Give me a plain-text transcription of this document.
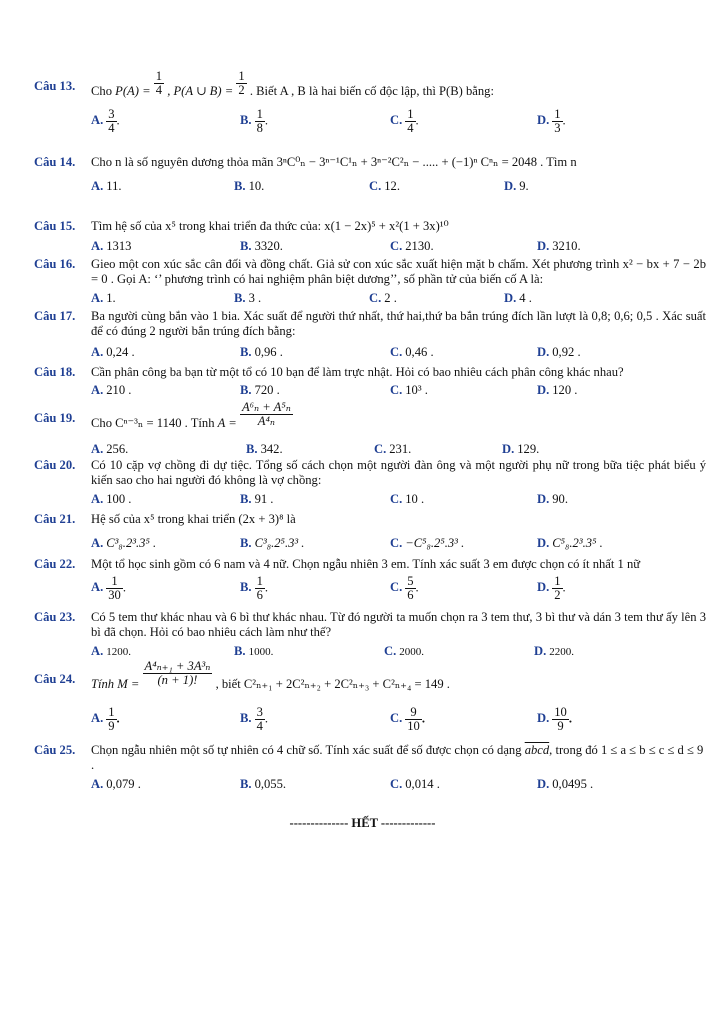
Câu 13.	Cho $P(A) = \frac{1}{4}$ , P(A ∪ $B) = \frac{1}{2}$ . Biết A , B là hai biến cố độc lập, thì P(B) bằng:
A. $\frac{3}{4}$ .	B. $\frac{1}{8}$ .	C. $\frac{1}{4}$ .	D. $\frac{1}{3}$ .
Câu 14.	Cho n là số nguyên dương thỏa mãn 3ⁿC⁰ₙ − 3ⁿ⁻¹C¹ₙ + 3ⁿ⁻²C²ₙ − ..... + (−1)ⁿ Cⁿₙ = 2048 . Tìm n
A. 11.	B. 10.	C. 12.	D. 9.
Câu 15.	Tìm hệ số của x⁵ trong khai triển đa thức của: x(1 − 2x)⁵ + x²(1 + 3x)¹⁰
A. 1313	B. 3320.	C. 2130.	D. 3210.
Câu 16.	Gieo một con xúc sắc cân đối và đồng chất. Giả sử con xúc sắc xuất hiện mặt b chấm. Xét phương trình x² − bx + 7 − 2b = 0 . Gọi A: ‘’ phương trình có hai nghiệm phân biệt dương’’, số phần tử của biến cố A là:
A. 1.	B. 3 .	C. 2 .	D. 4 .
Câu 17.	Ba người cùng bắn vào 1 bia. Xác suất để người thứ nhất, thứ hai,thứ ba bắn trúng đích lần lượt là 0,8; 0,6; 0,5 . Xác suất để có đúng 2 người bắn trúng đích bằng:
A. 0,24 .	B. 0,96 .	C. 0,46 .	D. 0,92 .
Câu 18.	Cần phân công ba bạn từ một tổ có 10 bạn để làm trực nhật. Hỏi có bao nhiêu cách phân công khác nhau?
A. 210 .	B. 720 .	C. 10³ .	D. 120 .
Câu 19.	Cho Cⁿ⁻³ₙ = 1140 . Tính $A = \frac{\text{A⁶ₙ + A⁵ₙ}}{\text{A⁴ₙ}}$
A. 256.	B. 342.	C. 231.	D. 129.
Câu 20.	Có 10 cặp vợ chồng đi dự tiệc. Tổng số cách chọn một người đàn ông và một người phụ nữ trong bữa tiệc phát biểu ý kiến sao cho hai người đó không là vợ chồng:
A. 100 .	B. 91 .	C. 10 .	D. 90.
Câu 21.	Hệ số của x⁵ trong khai triển (2x + 3)⁸ là
A. C³₈.2³.3⁵ .	B. C³₈.2⁵.3³ .	C. −C⁵₈.2⁵.3³ .	D. C⁵₈.2³.3⁵ .
Câu 22.	Một tổ học sinh gồm có 6 nam và 4 nữ. Chọn ngẫu nhiên 3 em. Tính xác suất 3 em được chọn có ít nhất 1 nữ
A. $\frac{1}{30}$ .	B. $\frac{1}{6}$ .	C. $\frac{5}{6}$ .	D. $\frac{1}{2}$ .
Câu 23.	Có 5 tem thư khác nhau và 6 bì thư khác nhau. Từ đó người ta muốn chọn ra 3 tem thư, 3 bì thư và dán 3 tem thư ấy lên 3 bì đã chọn. Hỏi có bao nhiêu cách làm như thế?
A. 1200.	B. 1000.	C. 2000.	D. 2200.
Câu 24.	Tính $M = \frac{\text{A⁴ₙ₊₁ + 3A³ₙ}}{(n + 1)!}$ , biết C²ₙ₊₁ + 2C²ₙ₊₂ + 2C²ₙ₊₃ + C²ₙ₊₄ = 149 .
A. $\frac{1}{9}$ .	B. $\frac{3}{4}$ .	C. $\frac{9}{10}$ .	D. $\frac{10}{9}$ .
Câu 25.	Chọn ngẫu nhiên một số tự nhiên có 4 chữ số. Tính xác suất để số được chọn có dạng abcd, trong đó 1 ≤ a ≤ b ≤ c ≤ d ≤ 9 .
A. 0,079 .	B. 0,055.	C. 0,014 .	D. 0,0495 .
-------------- HẾT -------------
